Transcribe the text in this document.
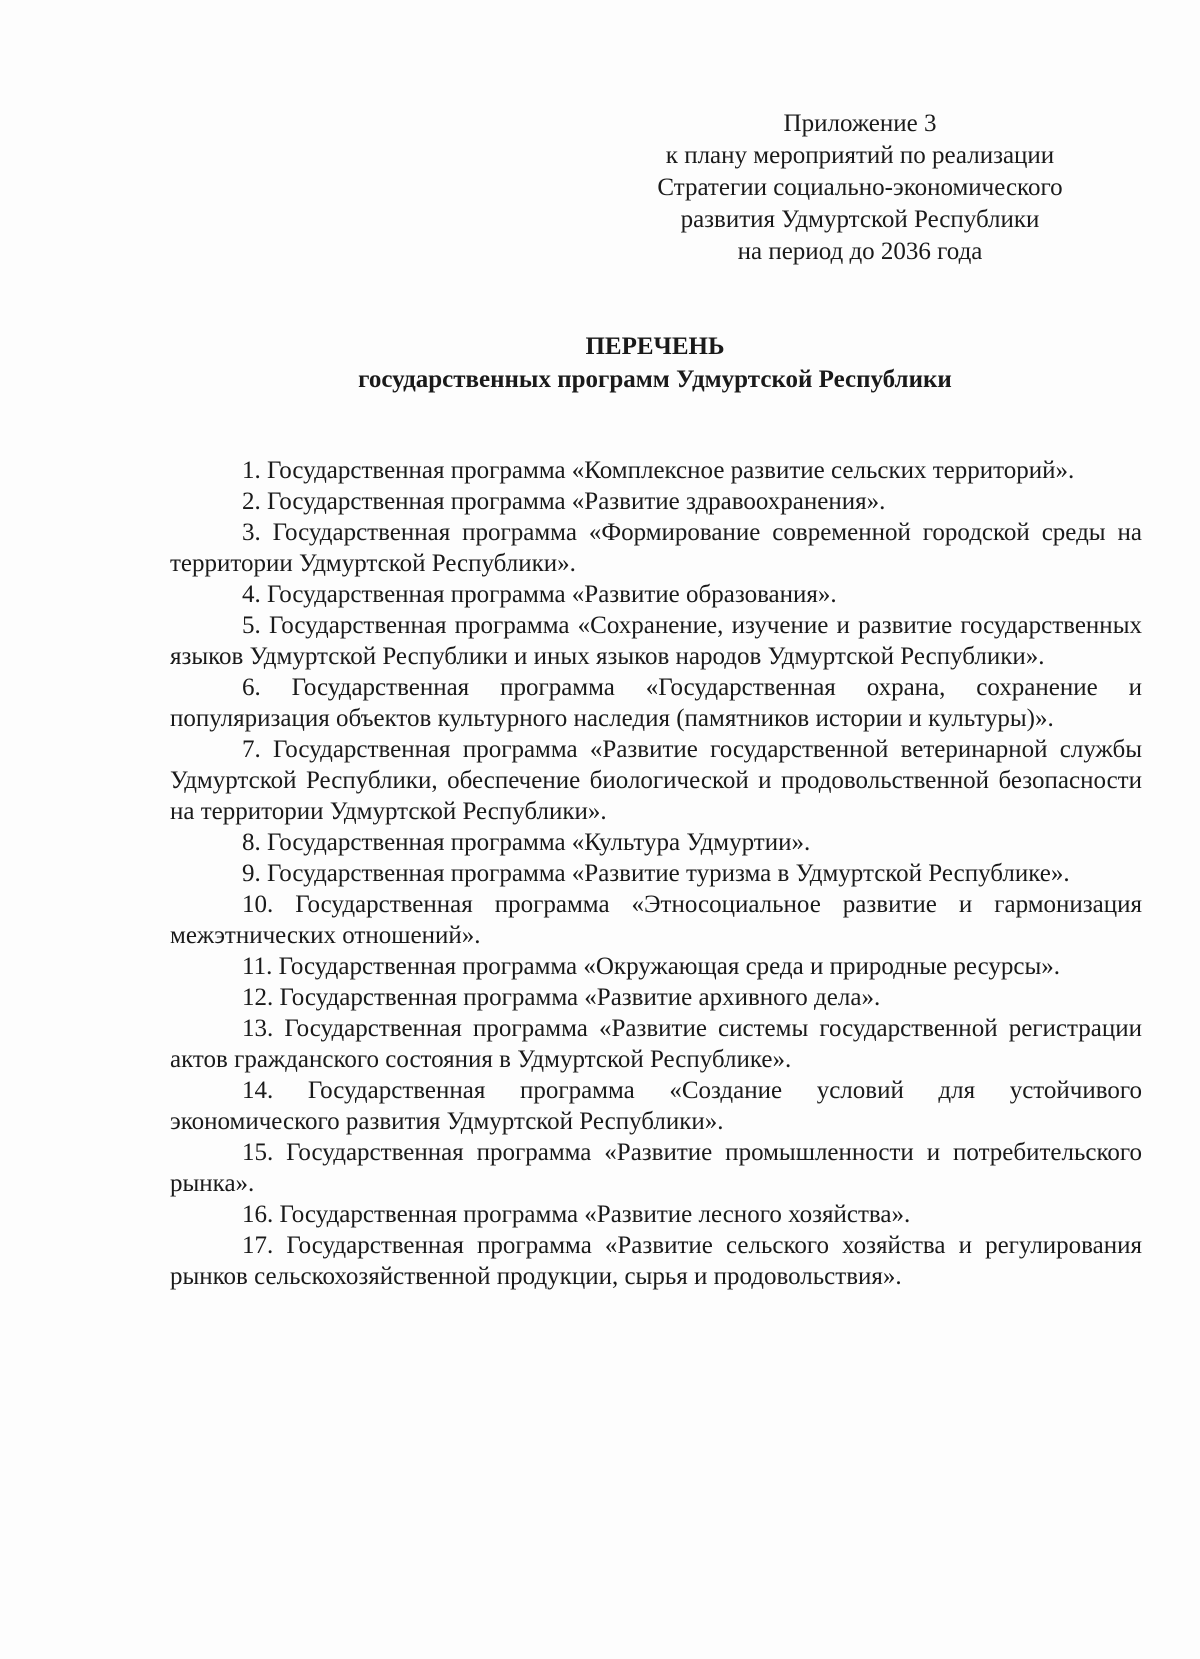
Приложение 3
к плану мероприятий по реализации
Стратегии социально-экономического
развития Удмуртской Республики
на период до 2036 года
ПЕРЕЧЕНЬ
государственных программ Удмуртской Республики

1. Государственная программа «Комплексное развитие сельских территорий».

2. Государственная программа «Развитие здравоохранения».

3. Государственная программа «Формирование современной городской среды на территории Удмуртской Республики».

4. Государственная программа «Развитие образования».

5. Государственная программа «Сохранение, изучение и развитие государственных языков Удмуртской Республики и иных языков народов Удмуртской Республики».

6. Государственная программа «Государственная охрана, сохранение и популяризация объектов культурного наследия (памятников истории и культуры)».

7. Государственная программа «Развитие государственной ветеринарной службы Удмуртской Республики, обеспечение биологической и продовольственной безопасности на территории Удмуртской Республики».

8. Государственная программа «Культура Удмуртии».

9. Государственная программа «Развитие туризма в Удмуртской Республике».

10. Государственная программа «Этносоциальное развитие и гармонизация межэтнических отношений».

11. Государственная программа «Окружающая среда и природные ресурсы».

12. Государственная программа «Развитие архивного дела».

13. Государственная программа «Развитие системы государственной регистрации актов гражданского состояния в Удмуртской Республике».

14. Государственная программа «Создание условий для устойчивого экономического развития Удмуртской Республики».

15. Государственная программа «Развитие промышленности и потребительского рынка».

16. Государственная программа «Развитие лесного хозяйства».

17. Государственная программа «Развитие сельского хозяйства и регулирования рынков сельскохозяйственной продукции, сырья и продовольствия».
